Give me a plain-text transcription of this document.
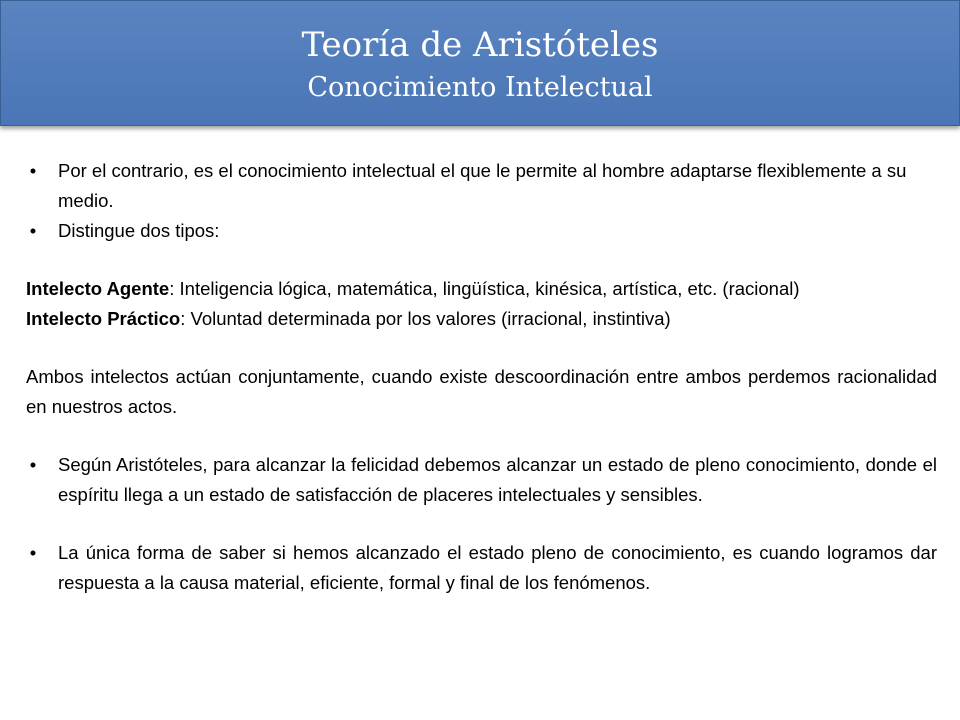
Teoría de Aristóteles
Conocimiento Intelectual
• Por el contrario, es el conocimiento intelectual el que le permite al hombre adaptarse flexiblemente a su medio.
• Distingue dos tipos:
Intelecto Agente: Inteligencia lógica, matemática, lingüística, kinésica, artística, etc. (racional)
Intelecto Práctico: Voluntad determinada por los valores (irracional, instintiva)
Ambos intelectos actúan conjuntamente, cuando existe descoordinación entre ambos perdemos racionalidad en nuestros actos.
• Según Aristóteles, para alcanzar la felicidad debemos alcanzar un estado de pleno conocimiento, donde el espíritu llega a un estado de satisfacción de placeres intelectuales y sensibles.
• La única forma de saber si hemos alcanzado el estado pleno de conocimiento, es cuando logramos dar respuesta a la causa material, eficiente, formal y final de los fenómenos.
